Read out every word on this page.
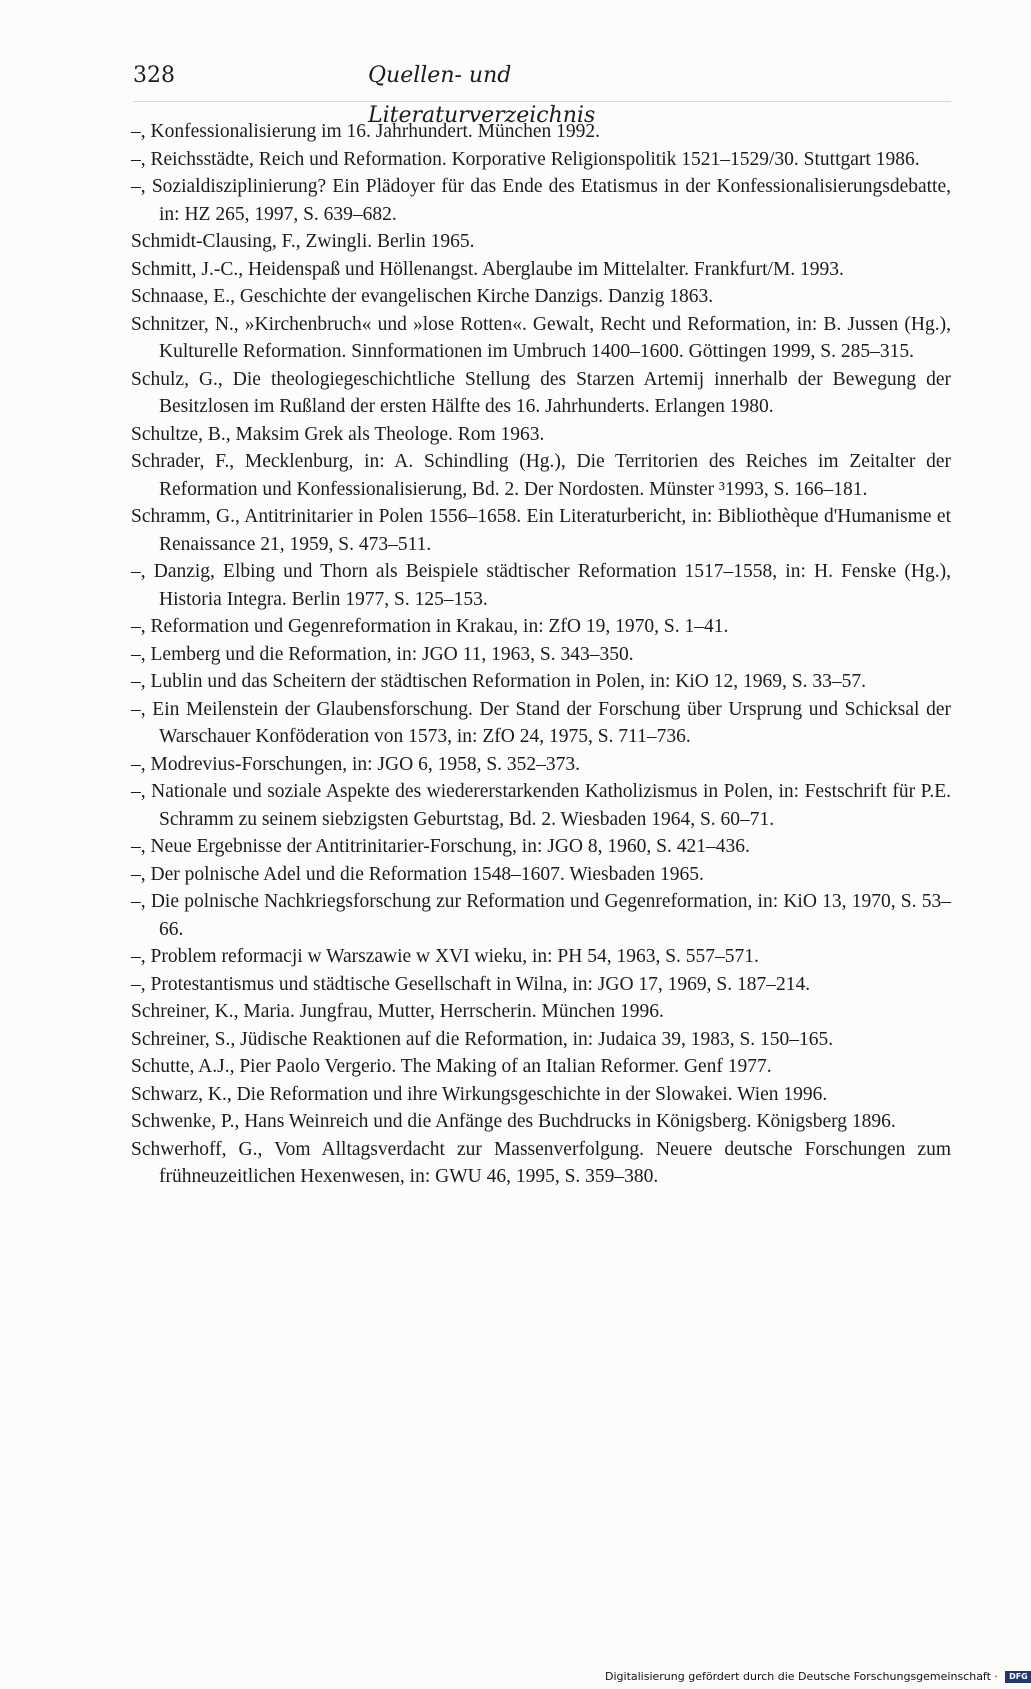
328	Quellen- und Literaturverzeichnis

–, Konfessionalisierung im 16. Jahrhundert. München 1992.

–, Reichsstädte, Reich und Reformation. Korporative Religionspolitik 1521–1529/30. Stuttgart 1986.

–, Sozialdisziplinierung? Ein Plädoyer für das Ende des Etatismus in der Konfessionalisierungsdebatte, in: HZ 265, 1997, S. 639–682.

Schmidt-Clausing, F., Zwingli. Berlin 1965.

Schmitt, J.-C., Heidenspaß und Höllenangst. Aberglaube im Mittelalter. Frankfurt/M. 1993.

Schnaase, E., Geschichte der evangelischen Kirche Danzigs. Danzig 1863.

Schnitzer, N., »Kirchenbruch« und »lose Rotten«. Gewalt, Recht und Reformation, in: B. Jussen (Hg.), Kulturelle Reformation. Sinnformationen im Umbruch 1400–1600. Göttingen 1999, S. 285–315.

Schulz, G., Die theologiegeschichtliche Stellung des Starzen Artemij innerhalb der Bewegung der Besitzlosen im Rußland der ersten Hälfte des 16. Jahrhunderts. Erlangen 1980.

Schultze, B., Maksim Grek als Theologe. Rom 1963.

Schrader, F., Mecklenburg, in: A. Schindling (Hg.), Die Territorien des Reiches im Zeitalter der Reformation und Konfessionalisierung, Bd. 2. Der Nordosten. Münster ³1993, S. 166–181.

Schramm, G., Antitrinitarier in Polen 1556–1658. Ein Literaturbericht, in: Bibliothèque d'Humanisme et Renaissance 21, 1959, S. 473–511.

–, Danzig, Elbing und Thorn als Beispiele städtischer Reformation 1517–1558, in: H. Fenske (Hg.), Historia Integra. Berlin 1977, S. 125–153.

–, Reformation und Gegenreformation in Krakau, in: ZfO 19, 1970, S. 1–41.

–, Lemberg und die Reformation, in: JGO 11, 1963, S. 343–350.

–, Lublin und das Scheitern der städtischen Reformation in Polen, in: KiO 12, 1969, S. 33–57.

–, Ein Meilenstein der Glaubensforschung. Der Stand der Forschung über Ursprung und Schicksal der Warschauer Konföderation von 1573, in: ZfO 24, 1975, S. 711–736.

–, Modrevius-Forschungen, in: JGO 6, 1958, S. 352–373.

–, Nationale und soziale Aspekte des wiedererstarkenden Katholizismus in Polen, in: Festschrift für P.E. Schramm zu seinem siebzigsten Geburtstag, Bd. 2. Wiesbaden 1964, S. 60–71.

–, Neue Ergebnisse der Antitrinitarier-Forschung, in: JGO 8, 1960, S. 421–436.

–, Der polnische Adel und die Reformation 1548–1607. Wiesbaden 1965.

–, Die polnische Nachkriegsforschung zur Reformation und Gegenreformation, in: KiO 13, 1970, S. 53–66.

–, Problem reformacji w Warszawie w XVI wieku, in: PH 54, 1963, S. 557–571.

–, Protestantismus und städtische Gesellschaft in Wilna, in: JGO 17, 1969, S. 187–214.

Schreiner, K., Maria. Jungfrau, Mutter, Herrscherin. München 1996.

Schreiner, S., Jüdische Reaktionen auf die Reformation, in: Judaica 39, 1983, S. 150–165.

Schutte, A.J., Pier Paolo Vergerio. The Making of an Italian Reformer. Genf 1977.

Schwarz, K., Die Reformation und ihre Wirkungsgeschichte in der Slowakei. Wien 1996.

Schwenke, P., Hans Weinreich und die Anfänge des Buchdrucks in Königsberg. Königsberg 1896.

Schwerhoff, G., Vom Alltagsverdacht zur Massenverfolgung. Neuere deutsche Forschungen zum frühneuzeitlichen Hexenwesen, in: GWU 46, 1995, S. 359–380.

Digitalisierung gefördert durch die Deutsche Forschungsgemeinschaft · DFG
